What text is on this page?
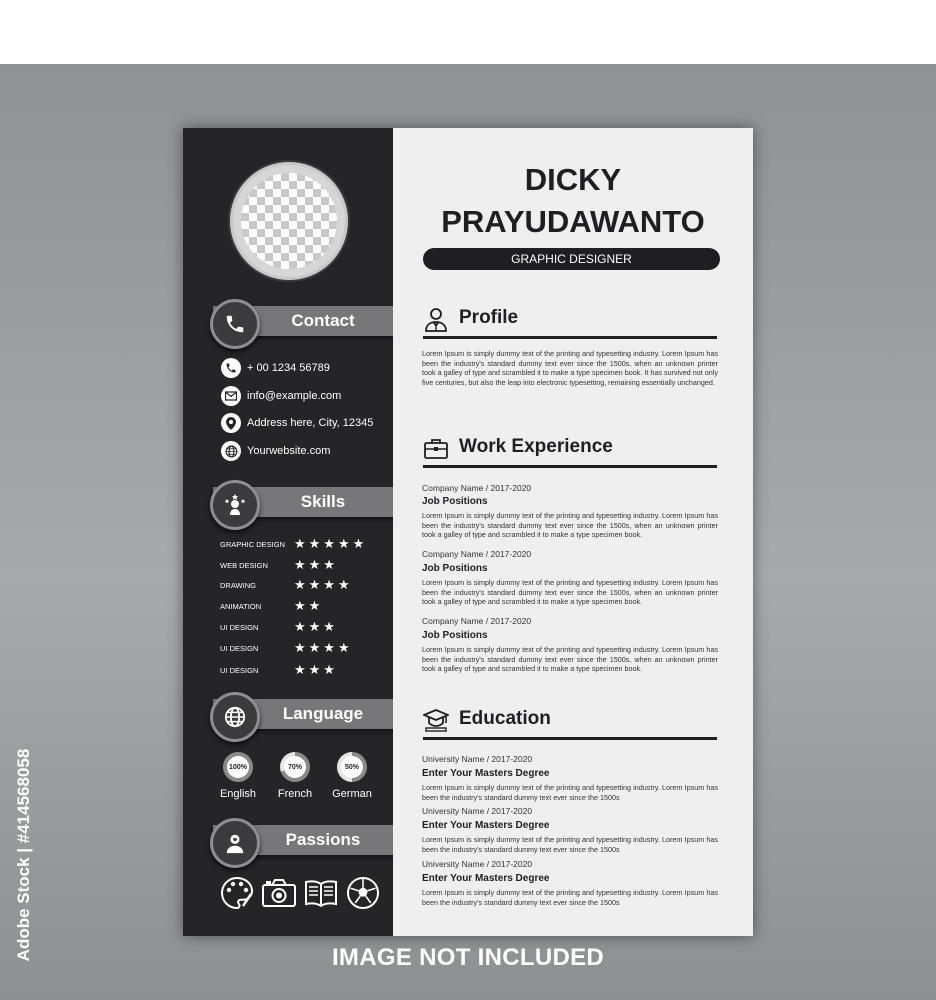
Adobe Stock | #414568058
Contact
+ 00 1234 56789
info@example.com
Address here, City, 12345
Yourwebsite.com
Skills
GRAPHIC DESIGN ★★★★★
WEB DESIGN	★★★
DRAWING	★★★★
ANIMATION	★★
UI DESIGN	★★★
UI DESIGN	★★★★
UI DESIGN	★★★
Language
100%
English
70%
French
50%
German
Passions
DICKY
PRAYUDAWANTO
GRAPHIC DESIGNER
Profile
Lorem Ipsum is simply dummy text of the printing and typesetting industry. Lorem Ipsum has been the industry's standard dummy text ever since the 1500s, when an unknown printer took a galley of type and scrambled it to make a type specimen book. It has survived not only five centuries, but also the leap into electronic typesetting, remaining essentially unchanged.
Work Experience
Company Name / 2017-2020
Job Positions
Lorem Ipsum is simply dummy text of the printing and typesetting industry. Lorem Ipsum has been the industry's standard dummy text ever since the 1500s, when an unknown printer took a galley of type and scrambled it to make a type specimen book.
Company Name / 2017-2020
Job Positions
Lorem Ipsum is simply dummy text of the printing and typesetting industry. Lorem Ipsum has been the industry's standard dummy text ever since the 1500s, when an unknown printer took a galley of type and scrambled it to make a type specimen book.
Company Name / 2017-2020
Job Positions
Lorem Ipsum is simply dummy text of the printing and typesetting industry. Lorem Ipsum has been the industry's standard dummy text ever since the 1500s, when an unknown printer took a galley of type and scrambled it to make a type specimen book.
Education
University Name / 2017-2020
Enter Your Masters Degree
Lorem Ipsum is simply dummy text of the printing and typesetting industry. Lorem Ipsum has been the industry's standard dummy text ever since the 1500s
University Name / 2017-2020
Enter Your Masters Degree
Lorem Ipsum is simply dummy text of the printing and typesetting industry. Lorem Ipsum has been the industry's standard dummy text ever since the 1500s
University Name / 2017-2020
Enter Your Masters Degree
Lorem Ipsum is simply dummy text of the printing and typesetting industry. Lorem Ipsum has been the industry's standard dummy text ever since the 1500s
IMAGE NOT INCLUDED
